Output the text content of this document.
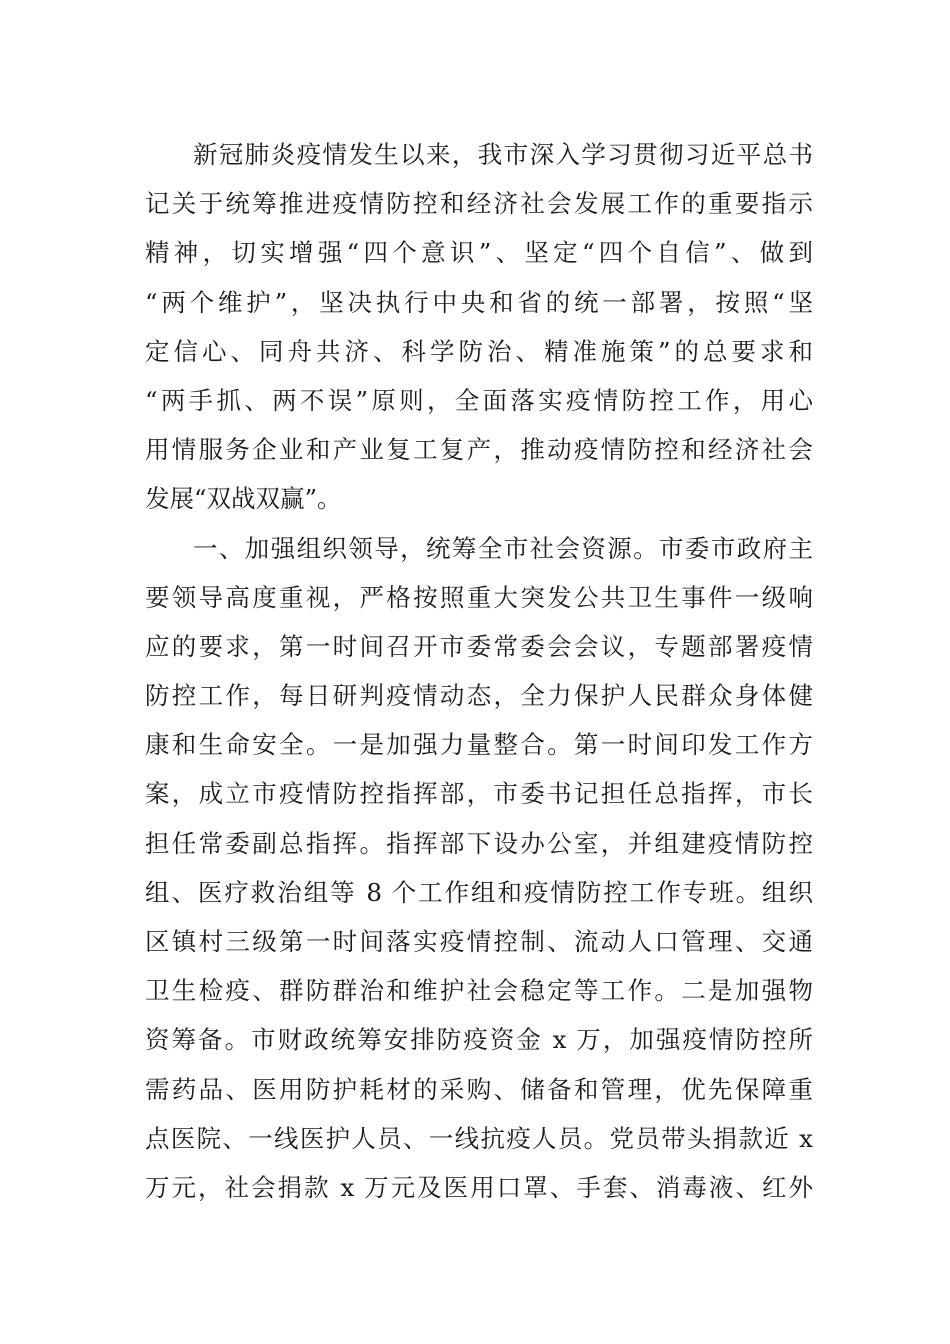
新冠肺炎疫情发生以来，我市深入学习贯彻习近平总书
记关于统筹推进疫情防控和经济社会发展工作的重要指示
精神，切实增强“四个意识”、坚定“四个自信”、做到
“两个维护”，坚决执行中央和省的统一部署，按照“坚
定信心、同舟共济、科学防治、精准施策”的总要求和
“两手抓、两不误”原则，全面落实疫情防控工作，用心
用情服务企业和产业复工复产，推动疫情防控和经济社会
发展“双战双赢”。
一、加强组织领导，统筹全市社会资源。市委市政府主
要领导高度重视，严格按照重大突发公共卫生事件一级响
应的要求，第一时间召开市委常委会会议，专题部署疫情
防控工作，每日研判疫情动态，全力保护人民群众身体健
康和生命安全。一是加强力量整合。第一时间印发工作方
案，成立市疫情防控指挥部，市委书记担任总指挥，市长
担任常委副总指挥。指挥部下设办公室，并组建疫情防控
组、医疗救治组等 8 个工作组和疫情防控工作专班。组织
区镇村三级第一时间落实疫情控制、流动人口管理、交通
卫生检疫、群防群治和维护社会稳定等工作。二是加强物
资筹备。市财政统筹安排防疫资金 x 万，加强疫情防控所
需药品、医用防护耗材的采购、储备和管理，优先保障重
点医院、一线医护人员、一线抗疫人员。党员带头捐款近 x
万元，社会捐款 x 万元及医用口罩、手套、消毒液、红外
